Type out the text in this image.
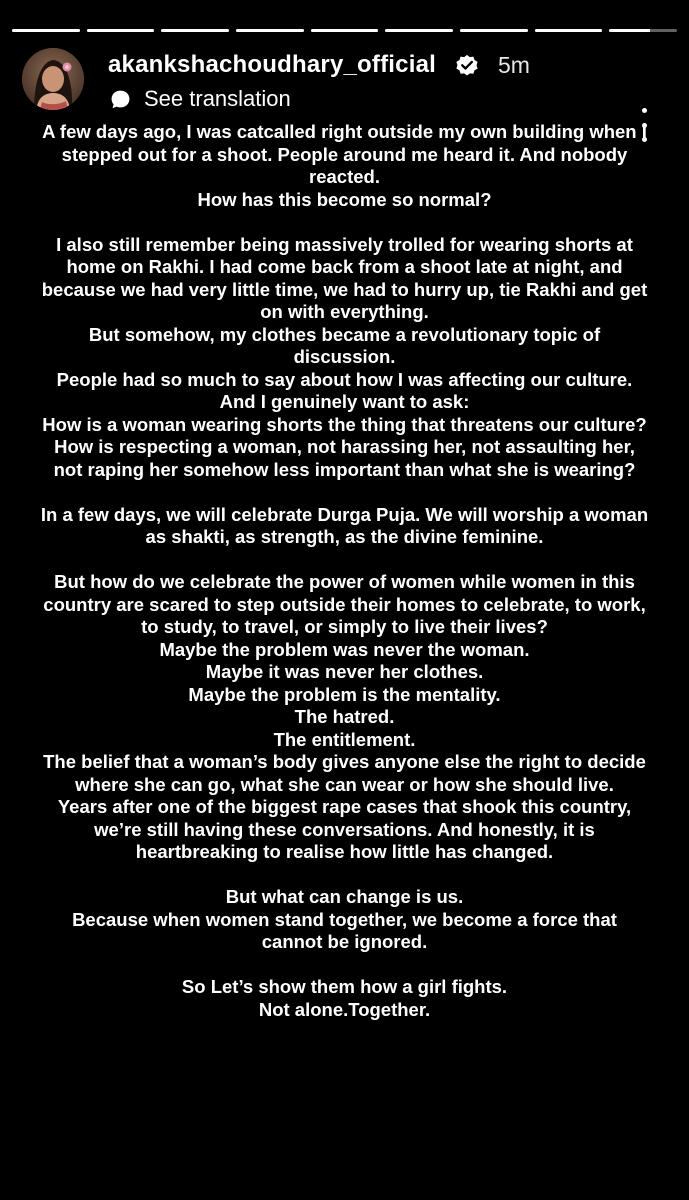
akankshachoudhary_official	5m
See translation

A few days ago, I was catcalled right outside my own building when I stepped out for a shoot. People around me heard it. And nobody reacted.
How has this become so normal?

I also still remember being massively trolled for wearing shorts at home on Rakhi. I had come back from a shoot late at night, and because we had very little time, we had to hurry up, tie Rakhi and get on with everything.
But somehow, my clothes became a revolutionary topic of discussion.
People had so much to say about how I was affecting our culture.
And I genuinely want to ask:
How is a woman wearing shorts the thing that threatens our culture?
How is respecting a woman, not harassing her, not assaulting her, not raping her somehow less important than what she is wearing?

In a few days, we will celebrate Durga Puja. We will worship a woman as shakti, as strength, as the divine feminine.

But how do we celebrate the power of women while women in this country are scared to step outside their homes to celebrate, to work, to study, to travel, or simply to live their lives?
Maybe the problem was never the woman.
Maybe it was never her clothes.
Maybe the problem is the mentality.
The hatred.
The entitlement.
The belief that a woman’s body gives anyone else the right to decide where she can go, what she can wear or how she should live.
Years after one of the biggest rape cases that shook this country, we’re still having these conversations. And honestly, it is heartbreaking to realise how little has changed.

But what can change is us.
Because when women stand together, we become a force that cannot be ignored.

So Let’s show them how a girl fights.
Not alone.Together.
